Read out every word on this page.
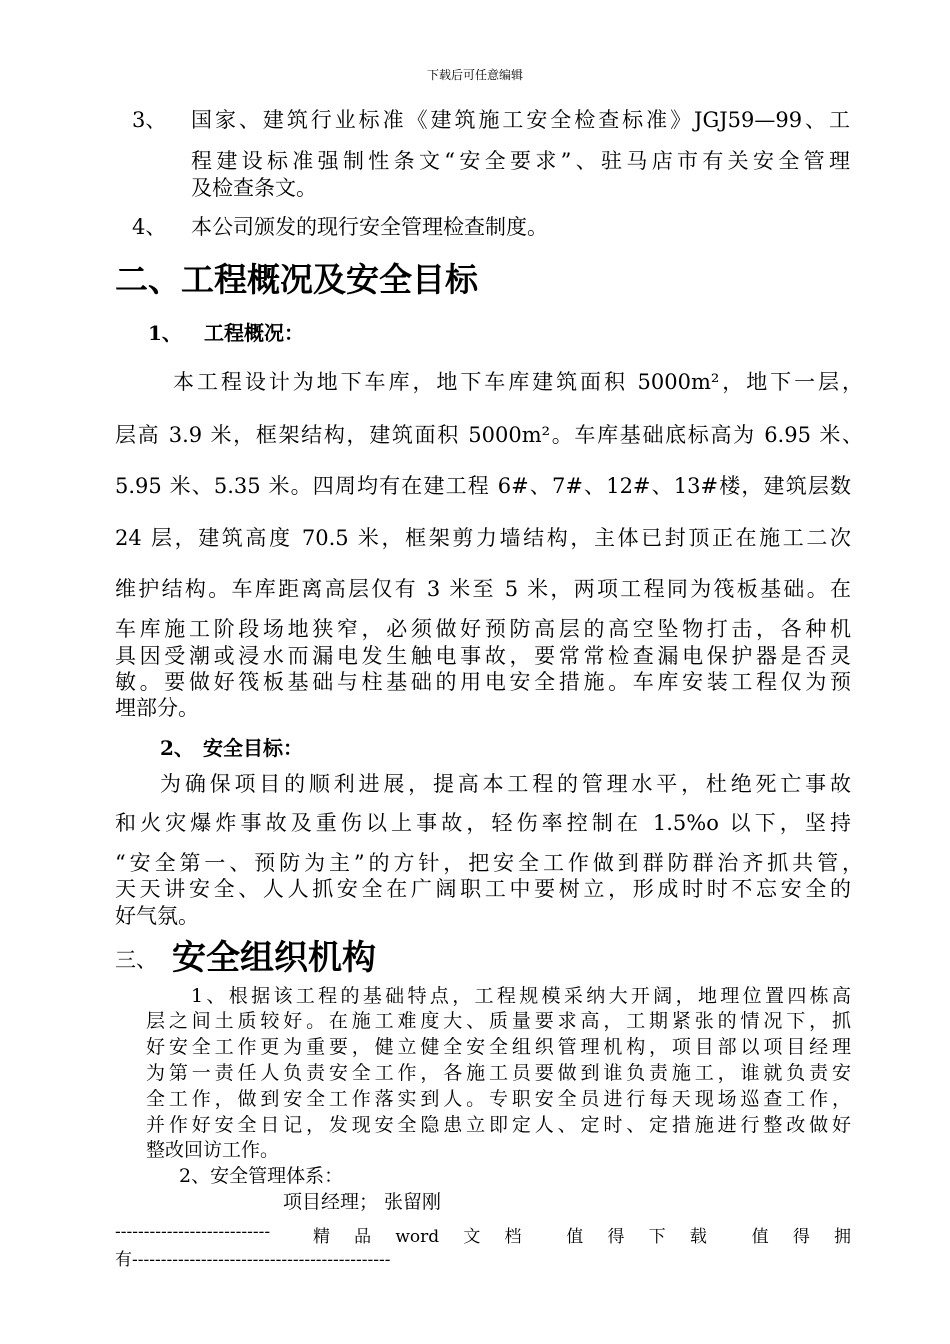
下载后可任意编辑
3、 国家、建筑行业标准《建筑施工安全检查标准》JGJ59—99、工
程建设标准强制性条文“安全要求”、驻马店市有关安全管理
及检查条文。
4、 本公司颁发的现行安全管理检查制度。
二、工程概况及安全目标
1、 工程概况：
本工程设计为地下车库，地下车库建筑面积 5000m²，地下一层，
层高 3.9 米，框架结构，建筑面积 5000m²。车库基础底标高为 6.95 米、
5.95 米、5.35 米。四周均有在建工程 6#、7#、12#、13#楼，建筑层数
24 层，建筑高度 70.5 米，框架剪力墙结构，主体已封顶正在施工二次
维护结构。车库距离高层仅有 3 米至 5 米，两项工程同为筏板基础。在
车库施工阶段场地狭窄，必须做好预防高层的高空坠物打击，各种机
具因受潮或浸水而漏电发生触电事故，要常常检查漏电保护器是否灵
敏。要做好筏板基础与柱基础的用电安全措施。车库安装工程仅为预
埋部分。
2、 安全目标：
为确保项目的顺利进展，提高本工程的管理水平，杜绝死亡事故
和火灾爆炸事故及重伤以上事故，轻伤率控制在 1.5%o 以下，坚持
“安全第一、预防为主”的方针，把安全工作做到群防群治齐抓共管，
天天讲安全、人人抓安全在广阔职工中要树立，形成时时不忘安全的
好气氛。
三、 安全组织机构
1、根据该工程的基础特点，工程规模采纳大开阔，地理位置四栋高
层之间土质较好。在施工难度大、质量要求高，工期紧张的情况下，抓
好安全工作更为重要，健立健全安全组织管理机构，项目部以项目经理
为第一责任人负责安全工作，各施工员要做到谁负责施工，谁就负责安
全工作，做到安全工作落实到人。专职安全员进行每天现场巡查工作，
并作好安全日记，发现安全隐患立即定人、定时、定措施进行整改做好
整改回访工作。
2、安全管理体系：
项目经理； 张留刚
---------------------------	精　品　word　文　档　　值　得　下　载　　值　得　拥
有---------------------------------------------
